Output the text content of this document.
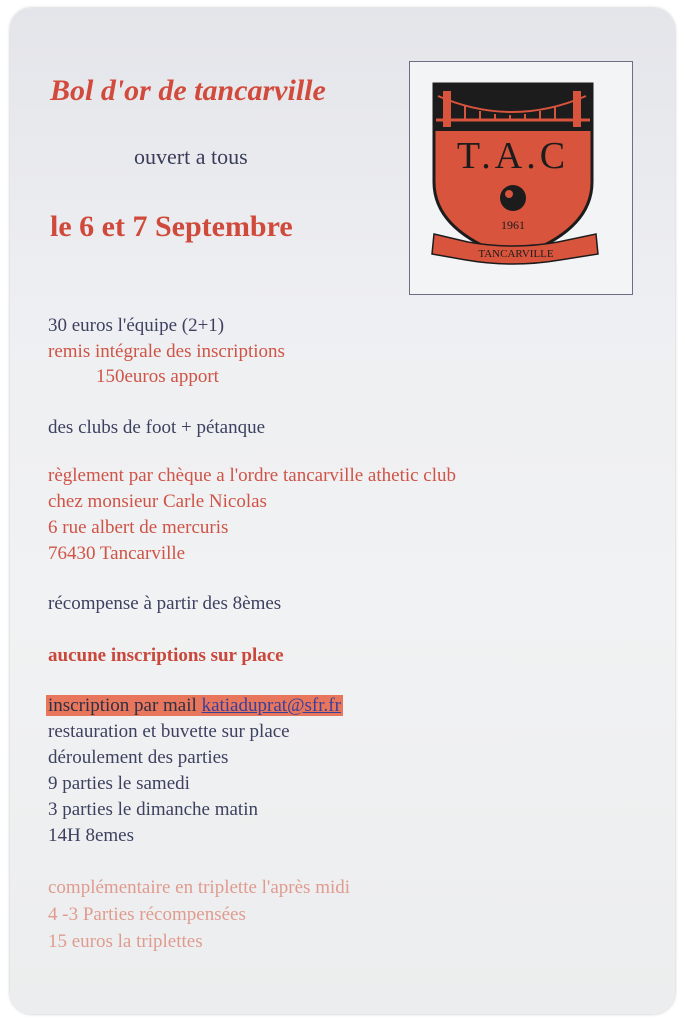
Bol d'or de tancarville

ouvert a tous

le 6 et 7 Septembre

T.A.C
1961
TANCARVILLE

30 euros l'équipe (2+1)

remis intégrale des inscriptions

150euros apport

des clubs de foot + pétanque

règlement par chèque a l'ordre tancarville athetic club

chez monsieur Carle Nicolas

6 rue albert de mercuris

76430 Tancarville

récompense à partir des 8èmes

aucune inscriptions sur place

inscription par mail katiaduprat@sfr.fr

restauration et buvette sur place

déroulement des parties

9 parties le samedi

3 parties le dimanche matin

14H 8emes

complémentaire en triplette l'après midi

4 -3 Parties récompensées

15 euros la triplettes
